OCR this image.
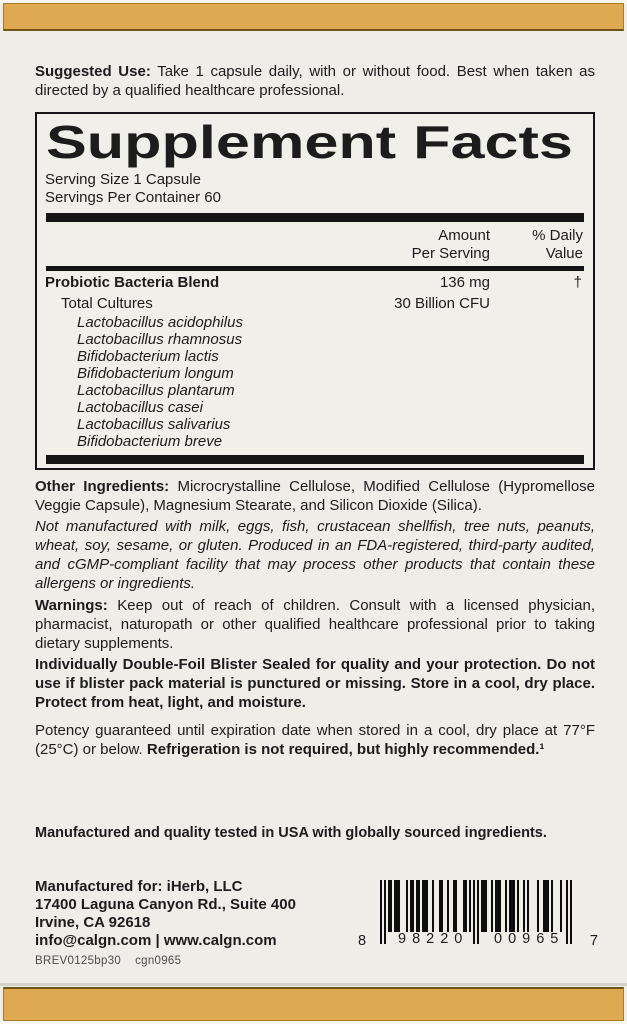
Suggested Use: Take 1 capsule daily, with or without food. Best when taken as directed by a qualified healthcare professional.

Supplement Facts
Serving Size 1 Capsule
Servings Per Container 60
Amount
Per Serving
% Daily
Value
Probiotic Bacteria Blend	136 mg	†
Total Cultures	30 Billion CFU
Lactobacillus acidophilus
Lactobacillus rhamnosus
Bifidobacterium lactis
Bifidobacterium longum
Lactobacillus plantarum
Lactobacillus casei
Lactobacillus salivarius
Bifidobacterium breve

Other Ingredients: Microcrystalline Cellulose, Modified Cellulose (Hypromellose Veggie Capsule), Magnesium Stearate, and Silicon Dioxide (Silica).

Not manufactured with milk, eggs, fish, crustacean shellfish, tree nuts, peanuts, wheat, soy, sesame, or gluten. Produced in an FDA-registered, third-party audited, and cGMP-compliant facility that may process other products that contain these allergens or ingredients.

Warnings: Keep out of reach of children. Consult with a licensed physician, pharmacist, naturopath or other qualified healthcare professional prior to taking dietary supplements.

Individually Double-Foil Blister Sealed for quality and your protection. Do not use if blister pack material is punctured or missing. Store in a cool, dry place. Protect from heat, light, and moisture.

Potency guaranteed until expiration date when stored in a cool, dry place at 77°F (25°C) or below. Refrigeration is not required, but highly recommended.¹

Manufactured and quality tested in USA with globally sourced ingredients.

Manufactured for: iHerb, LLC
17400 Laguna Canyon Rd., Suite 400
Irvine, CA 92618
info@calgn.com | www.calgn.com
BREV0125bp30 cgn0965
8 98220 00965 7
